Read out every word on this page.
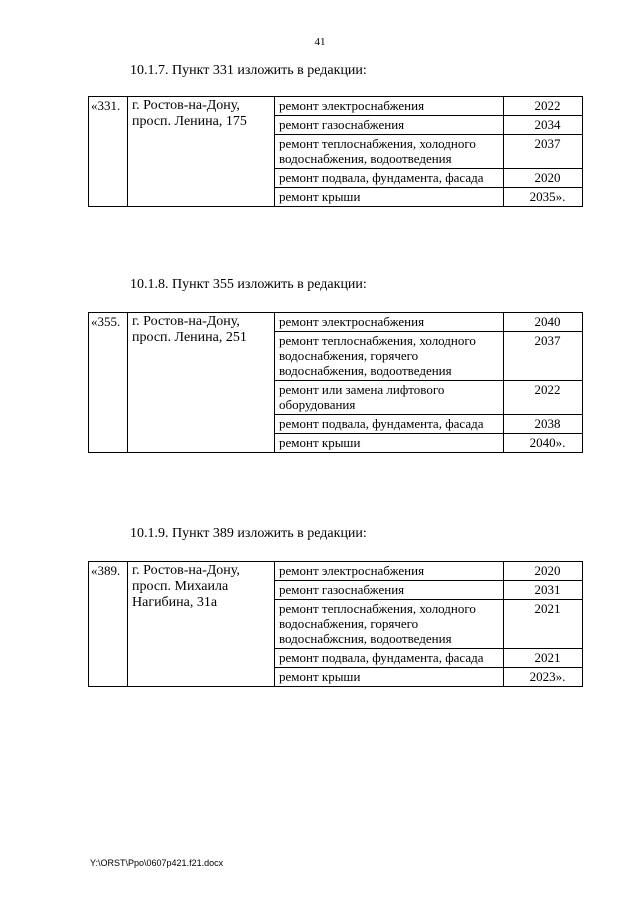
41
10.1.7. Пункт 331 изложить в редакции:
«331.	г. Ростов-на-Дону, просп. Ленина, 175	ремонт электроснабжения	2022
		ремонт газоснабжения	2034
		ремонт теплоснабжения, холодного водоснабжения, водоотведения	2037
		ремонт подвала, фундамента, фасада	2020
		ремонт крыши	2035».
10.1.8. Пункт 355 изложить в редакции:
«355.	г. Ростов-на-Дону, просп. Ленина, 251	ремонт электроснабжения	2040
		ремонт теплоснабжения, холодного водоснабжения, горячего водоснабжения, водоотведения	2037
		ремонт или замена лифтового оборудования	2022
		ремонт подвала, фундамента, фасада	2038
		ремонт крыши	2040».
10.1.9. Пункт 389 изложить в редакции:
«389.	г. Ростов-на-Дону, просп. Михаила Нагибина, 31а	ремонт электроснабжения	2020
		ремонт газоснабжения	2031
		ремонт теплоснабжения, холодного водоснабжения, горячего водоснабжсния, водоотведения	2021
		ремонт подвала, фундамента, фасада	2021
		ремонт крыши	2023».
Y:\ORST\Ppo\0607p421.f21.docx
